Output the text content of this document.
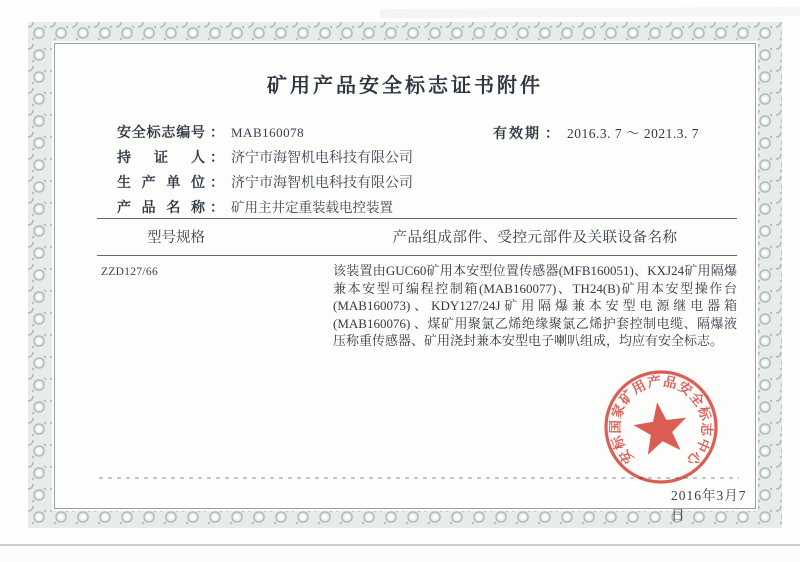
矿用产品安全标志证书附件
安全标志编号 ： MAB160078	有效期 ： 2016.3. 7 ～ 2021.3. 7
持 证 人 ： 济宁市海智机电科技有限公司
生 产 单 位 ： 济宁市海智机电科技有限公司
产 品 名 称 ： 矿用主井定重装载电控装置
型号规格	产品组成部件、受控元部件及关联设备名称
ZZD127/66	该装置由GUC60矿用本安型位置传感器(MFB160051)、KXJ24矿用隔爆兼本安型可编程控制箱(MAB160077)、TH24(B)矿用本安型操作台(MAB160073)、KDY127/24J矿用隔爆兼本安型电源继电器箱(MAB160076) 、煤矿用聚氯乙烯绝缘聚氯乙烯护套控制电缆、隔爆液压称重传感器、矿用浇封兼本安型电子喇叭组成，均应有安全标志。
安标国家矿用产品安全标志中心
2016年3月7日
